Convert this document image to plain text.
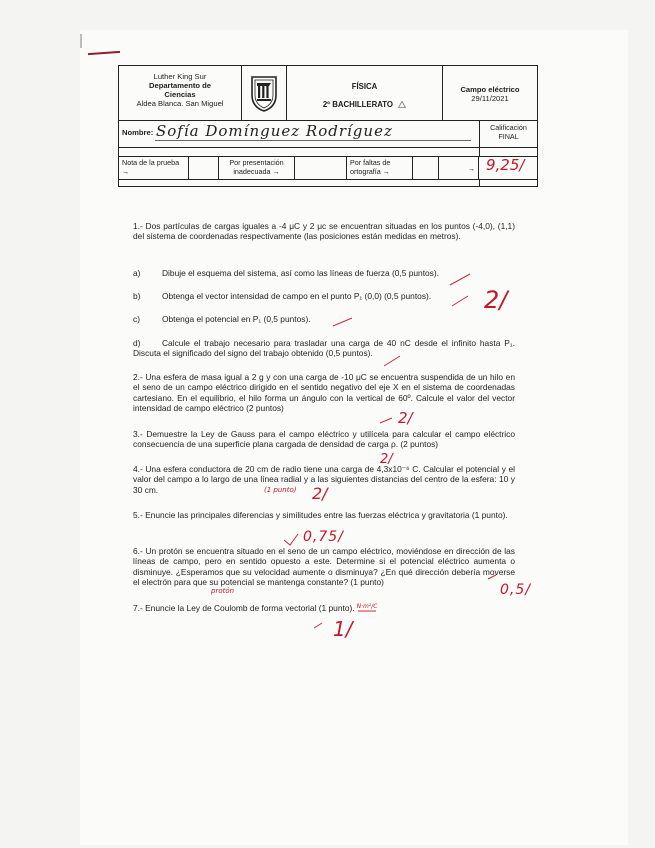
Luther King Sur
Departamento de Ciencias
Aldea Blanca. San Miguel
FÍSICA
2º BACHILLERATO
Campo eléctrico
29/11/2021
Nombre: Sofía Domínguez Rodríguez	Calificación FINAL
Nota de la prueba →
Por presentación inadecuada →
Por faltas de ortografía →	→ 9,25/
1.- Dos partículas de cargas iguales a -4 μC y 2 μc se encuentran situadas en los puntos (-4,0), (1,1) del sistema de coordenadas respectivamente (las posiciones están medidas en metros).
a)	Dibuje el esquema del sistema, así como las líneas de fuerza (0,5 puntos).
b)	Obtenga el vector intensidad de campo en el punto P₁ (0,0) (0,5 puntos).
c)	Obtenga el potencial en P₁ (0,5 puntos).
d)	Calcule el trabajo necesario para trasladar una carga de 40 nC desde el infinito hasta P₁. Discuta el significado del signo del trabajo obtenido (0,5 puntos).
2.- Una esfera de masa igual a 2 g y con una carga de -10 μC se encuentra suspendida de un hilo en el seno de un campo eléctrico dirigido en el sentido negativo del eje X en el sistema de coordenadas cartesiano. En el equilibrio, el hilo forma un ángulo con la vertical de 60º. Calcule el valor del vector intensidad de campo eléctrico (2 puntos)
3.- Demuestre la Ley de Gauss para el campo eléctrico y utilícela para calcular el campo eléctrico consecuencia de una superficie plana cargada de densidad de carga ρ. (2 puntos)
4.- Una esfera conductora de 20 cm de radio tiene una carga de 4,3x10⁻⁶ C. Calcular el potencial y el valor del campo a lo largo de una línea radial y a las siguientes distancias del centro de la esfera: 10 y 30 cm.
5.- Enuncie las principales diferencias y similitudes entre las fuerzas eléctrica y gravitatoria (1 punto).
6.- Un protón se encuentra situado en el seno de un campo eléctrico, moviéndose en dirección de las líneas de campo, pero en sentido opuesto a este. Determine si el potencial eléctrico aumenta o disminuye. ¿Esperamos que su velocidad aumente o disminuya? ¿En qué dirección debería moverse el electrón para que su potencial se mantenga constante? (1 punto)
7.- Enuncie la Ley de Coulomb de forma vectorial (1 punto).
2/
2/
2/
(1 punto) 2/
0,75/
protón	0,5/
1/
N·m²/C
